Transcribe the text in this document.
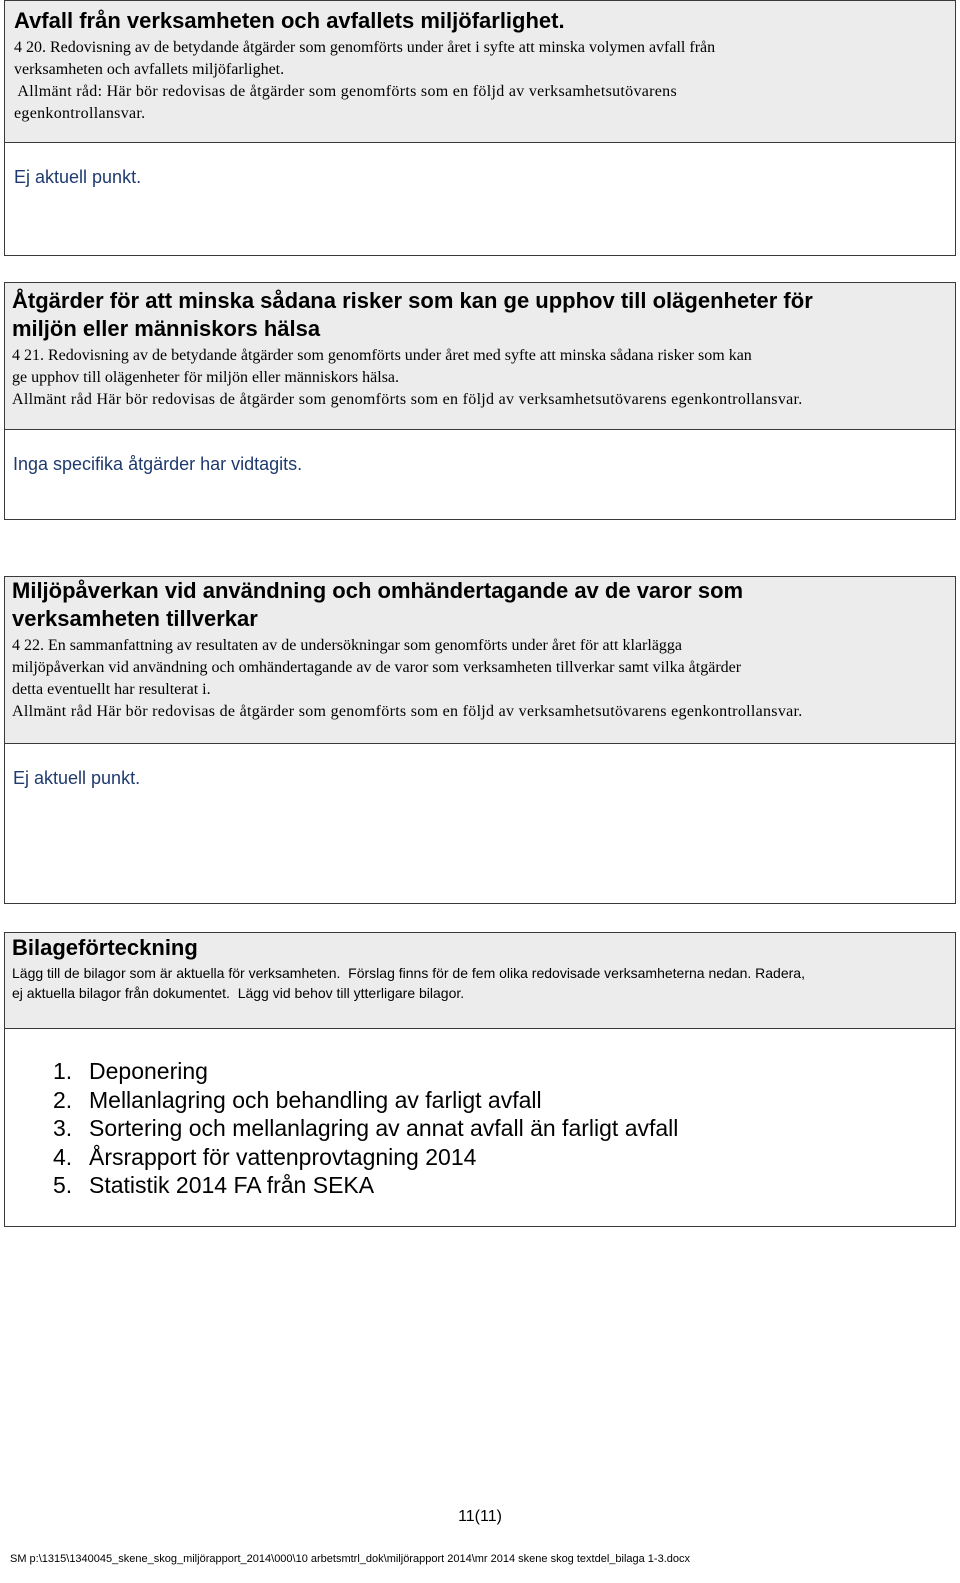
Avfall från verksamheten och avfallets miljöfarlighet.

4 20. Redovisning av de betydande åtgärder som genomförts under året i syfte att minska volymen avfall från

verksamheten och avfallets miljöfarlighet.

Allmänt råd: Här bör redovisas de åtgärder som genomförts som en följd av verksamhetsutövarens

egenkontrollansvar.

Ej aktuell punkt.

Åtgärder för att minska sådana risker som kan ge upphov till olägenheter för

miljön eller människors hälsa

4 21. Redovisning av de betydande åtgärder som genomförts under året med syfte att minska sådana risker som kan

ge upphov till olägenheter för miljön eller människors hälsa.

Allmänt råd Här bör redovisas de åtgärder som genomförts som en följd av verksamhetsutövarens egenkontrollansvar.

Inga specifika åtgärder har vidtagits.

Miljöpåverkan vid användning och omhändertagande av de varor som

verksamheten tillverkar

4 22. En sammanfattning av resultaten av de undersökningar som genomförts under året för att klarlägga

miljöpåverkan vid användning och omhändertagande av de varor som verksamheten tillverkar samt vilka åtgärder

detta eventuellt har resulterat i.

Allmänt råd Här bör redovisas de åtgärder som genomförts som en följd av verksamhetsutövarens egenkontrollansvar.

Ej aktuell punkt.

Bilageförteckning

Lägg till de bilagor som är aktuella för verksamheten.  Förslag finns för de fem olika redovisade verksamheterna nedan. Radera,

ej aktuella bilagor från dokumentet.  Lägg vid behov till ytterligare bilagor.

1. Deponering
2. Mellanlagring och behandling av farligt avfall
3. Sortering och mellanlagring av annat avfall än farligt avfall
4. Årsrapport för vattenprovtagning 2014
5. Statistik 2014 FA från SEKA
11(11)
SM p:\1315\1340045_skene_skog_miljörapport_2014\000\10 arbetsmtrl_dok\miljörapport 2014\mr 2014 skene skog textdel_bilaga 1-3.docx
